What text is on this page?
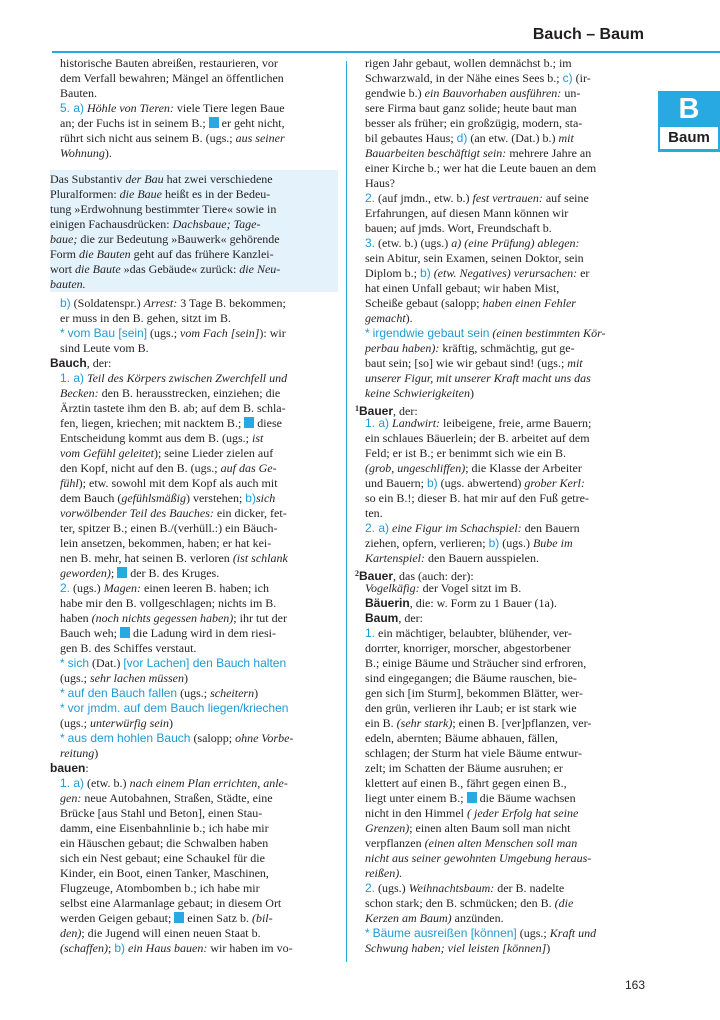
Bauch – Baum
B
Baum
historische Bauten abreißen, restaurieren, vor
dem Verfall bewahren; Mängel an öffentlichen
Bauten.
5. a) Höhle von Tieren: viele Tiere legen Baue
an; der Fuchs ist in seinem B.;  er geht nicht,
rührt sich nicht aus seinem B. (ugs.; aus seiner
Wohnung).
Das Substantiv der Bau hat zwei verschiedene
Pluralformen: die Baue heißt es in der Bedeu-
tung »Erdwohnung bestimmter Tiere« sowie in
einigen Fachausdrücken: Dachsbaue; Tage-
baue; die zur Bedeutung »Bauwerk« gehörende
Form die Bauten geht auf das frühere Kanzlei-
wort die Baute »das Gebäude« zurück: die Neu-
bauten.
b) (Soldatenspr.) Arrest: 3 Tage B. bekommen;
er muss in den B. gehen, sitzt im B.
* vom Bau [sein] (ugs.; vom Fach [sein]): wir
sind Leute vom B.
Bauch, der:
1. a) Teil des Körpers zwischen Zwerchfell und
Becken: den B. herausstrecken, einziehen; die
Ärztin tastete ihm den B. ab; auf dem B. schla-
fen, liegen, kriechen; mit nacktem B.;  diese
Entscheidung kommt aus dem B. (ugs.; ist
vom Gefühl geleitet); seine Lieder zielen auf
den Kopf, nicht auf den B. (ugs.; auf das Ge-
fühl); etw. sowohl mit dem Kopf als auch mit
dem Bauch (gefühlsmäßig) verstehen; b)sich
vorwölbender Teil des Bauches: ein dicker, fet-
ter, spitzer B.; einen B./(verhüll.:) ein Bäuch-
lein ansetzen, bekommen, haben; er hat kei-
nen B. mehr, hat seinen B. verloren (ist schlank
geworden);  der B. des Kruges.
2. (ugs.) Magen: einen leeren B. haben; ich
habe mir den B. vollgeschlagen; nichts im B.
haben (noch nichts gegessen haben); ihr tut der
Bauch weh;  die Ladung wird in dem riesi-
gen B. des Schiffes verstaut.
* sich (Dat.) [vor Lachen] den Bauch halten
(ugs.; sehr lachen müssen)
* auf den Bauch fallen (ugs.; scheitern)
* vor jmdm. auf dem Bauch liegen/kriechen
(ugs.; unterwürfig sein)
* aus dem hohlen Bauch (salopp; ohne Vorbe-
reitung)
bauen:
1. a) (etw. b.) nach einem Plan errichten, anle-
gen: neue Autobahnen, Straßen, Städte, eine
Brücke [aus Stahl und Beton], einen Stau-
damm, eine Eisenbahnlinie b.; ich habe mir
ein Häuschen gebaut; die Schwalben haben
sich ein Nest gebaut; eine Schaukel für die
Kinder, ein Boot, einen Tanker, Maschinen,
Flugzeuge, Atombomben b.; ich habe mir
selbst eine Alarmanlage gebaut; in diesem Ort
werden Geigen gebaut;  einen Satz b. (bil-
den); die Jugend will einen neuen Staat b.
(schaffen); b) ein Haus bauen: wir haben im vo-
rigen Jahr gebaut, wollen demnächst b.; im
Schwarzwald, in der Nähe eines Sees b.; c) (ir-
gendwie b.) ein Bauvorhaben ausführen: un-
sere Firma baut ganz solide; heute baut man
besser als früher; ein großzügig, modern, sta-
bil gebautes Haus; d) (an etw. (Dat.) b.) mit
Bauarbeiten beschäftigt sein: mehrere Jahre an
einer Kirche b.; wer hat die Leute bauen an dem
Haus?
2. (auf jmdn., etw. b.) fest vertrauen: auf seine
Erfahrungen, auf diesen Mann können wir
bauen; auf jmds. Wort, Freundschaft b.
3. (etw. b.) (ugs.) a) (eine Prüfung) ablegen:
sein Abitur, sein Examen, seinen Doktor, sein
Diplom b.; b) (etw. Negatives) verursachen: er
hat einen Unfall gebaut; wir haben Mist,
Scheiße gebaut (salopp; haben einen Fehler
gemacht).
* irgendwie gebaut sein (einen bestimmten Kör-
perbau haben): kräftig, schmächtig, gut ge-
baut sein; [so] wie wir gebaut sind! (ugs.; mit
unserer Figur, mit unserer Kraft macht uns das
keine Schwierigkeiten)
$^1$Bauer, der:
1. a) Landwirt: leibeigene, freie, arme Bauern;
ein schlaues Bäuerlein; der B. arbeitet auf dem
Feld; er ist B.; er benimmt sich wie ein B.
(grob, ungeschliffen); die Klasse der Arbeiter
und Bauern; b) (ugs. abwertend) grober Kerl:
so ein B.!; dieser B. hat mir auf den Fuß getre-
ten.
2. a) eine Figur im Schachspiel: den Bauern
ziehen, opfern, verlieren; b) (ugs.) Bube im
Kartenspiel: den Bauern ausspielen.
$^2$Bauer, das (auch: der):
Vogelkäfig: der Vogel sitzt im B.
Bäuerin, die: w. Form zu 1 Bauer (1a).
Baum, der:
1. ein mächtiger, belaubter, blühender, ver-
dorrter, knorriger, morscher, abgestorbener
B.; einige Bäume und Sträucher sind erfroren,
sind eingegangen; die Bäume rauschen, bie-
gen sich [im Sturm], bekommen Blätter, wer-
den grün, verlieren ihr Laub; er ist stark wie
ein B. (sehr stark); einen B. [ver]pflanzen, ver-
edeln, abernten; Bäume abhauen, fällen,
schlagen; der Sturm hat viele Bäume entwur-
zelt; im Schatten der Bäume ausruhen; er
klettert auf einen B., fährt gegen einen B.,
liegt unter einem B.;  die Bäume wachsen
nicht in den Himmel ( jeder Erfolg hat seine
Grenzen); einen alten Baum soll man nicht
verpflanzen (einen alten Menschen soll man
nicht aus seiner gewohnten Umgebung heraus-
reißen).
2. (ugs.) Weihnachtsbaum: der B. nadelte
schon stark; den B. schmücken; den B. (die
Kerzen am Baum) anzünden.
* Bäume ausreißen [können] (ugs.; Kraft und
Schwung haben; viel leisten [können])
163
